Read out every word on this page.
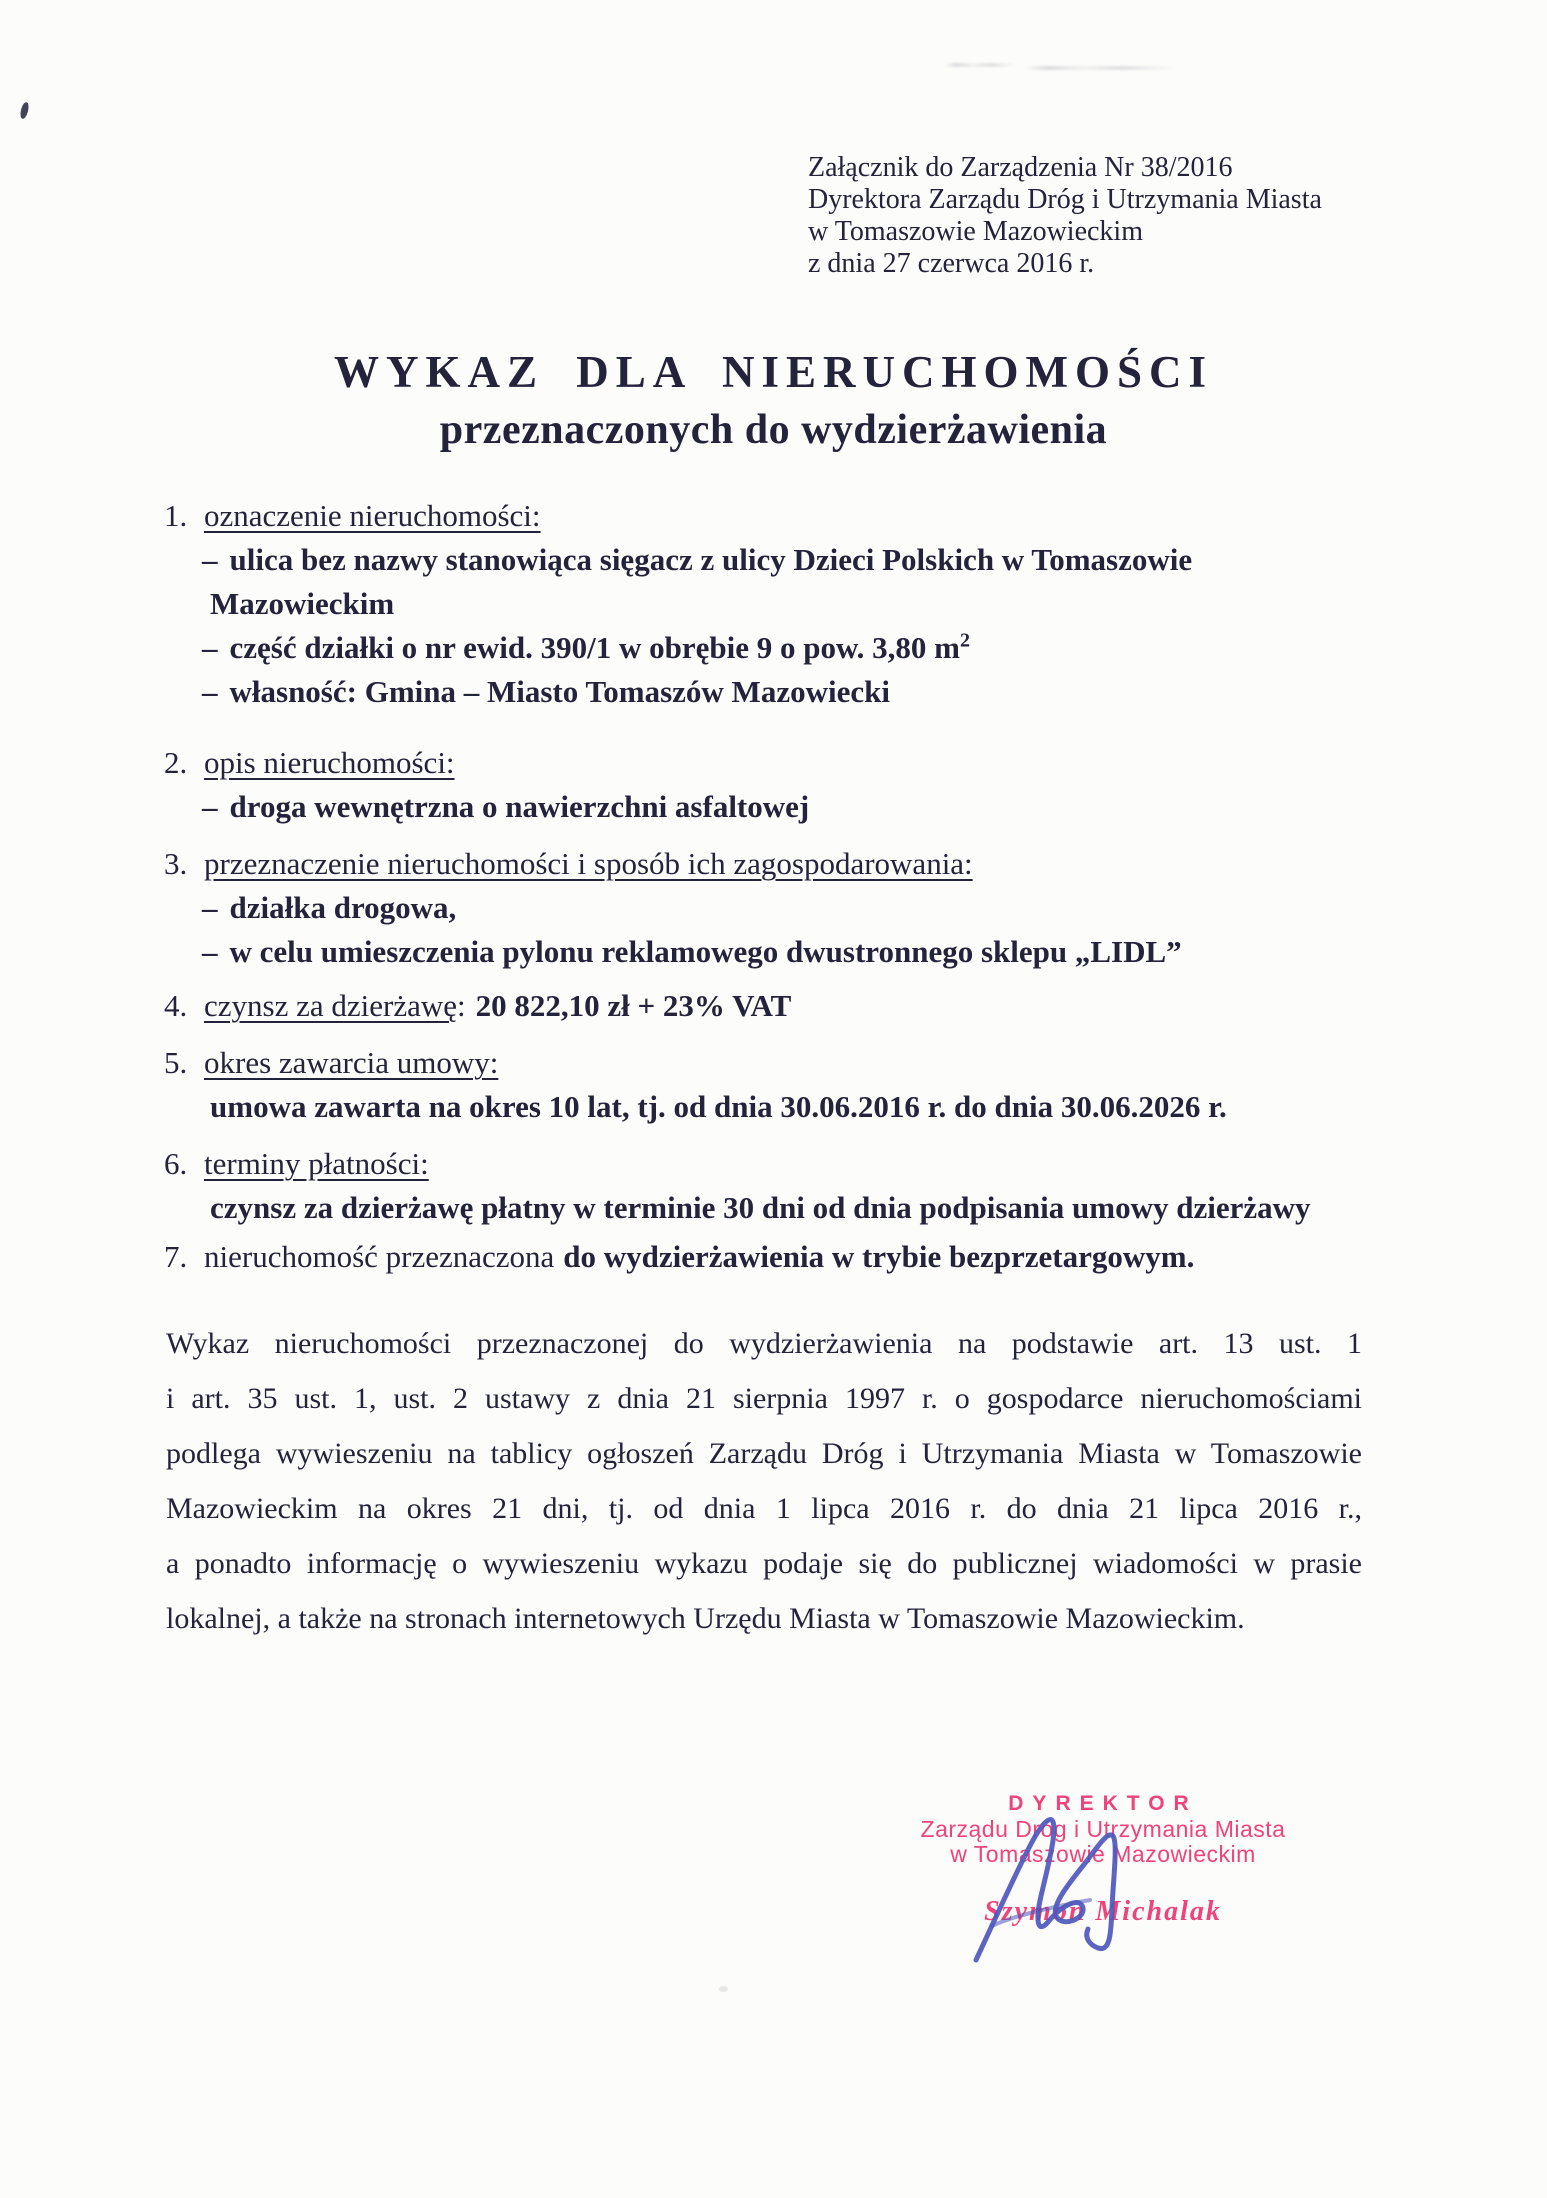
Załącznik do Zarządzenia Nr 38/2016
Dyrektora Zarządu Dróg i Utrzymania Miasta
w Tomaszowie Mazowieckim
z dnia 27 czerwca 2016 r.
WYKAZ DLA NIERUCHOMOŚCI
przeznaczonych do wydzierżawienia
1. oznaczenie nieruchomości:
– ulica bez nazwy stanowiąca sięgacz z ulicy Dzieci Polskich w Tomaszowie
Mazowieckim
– część działki o nr ewid. 390/1 w obrębie 9 o pow. 3,80 $m^2$
– własność: Gmina – Miasto Tomaszów Mazowiecki
2. opis nieruchomości:
– droga wewnętrzna o nawierzchni asfaltowej
3. przeznaczenie nieruchomości i sposób ich zagospodarowania:
– działka drogowa,
– w celu umieszczenia pylonu reklamowego dwustronnego sklepu „LIDL”
4. czynsz za dzierżawę: 20 822,10 zł + 23% VAT
5. okres zawarcia umowy:
umowa zawarta na okres 10 lat, tj. od dnia 30.06.2016 r. do dnia 30.06.2026 r.
6. terminy płatności:
czynsz za dzierżawę płatny w terminie 30 dni od dnia podpisania umowy dzierżawy
7. nieruchomość przeznaczona do wydzierżawienia w trybie bezprzetargowym.
Wykaz nieruchomości przeznaczonej do wydzierżawienia na podstawie art. 13 ust. 1
i art. 35 ust. 1, ust. 2 ustawy z dnia 21 sierpnia 1997 r. o gospodarce nieruchomościami
podlega wywieszeniu na tablicy ogłoszeń Zarządu Dróg i Utrzymania Miasta w Tomaszowie
Mazowieckim na okres 21 dni, tj. od dnia 1 lipca 2016 r. do dnia 21 lipca 2016 r.,
a ponadto informację o wywieszeniu wykazu podaje się do publicznej wiadomości w prasie
lokalnej, a także na stronach internetowych Urzędu Miasta w Tomaszowie Mazowieckim.
DYREKTOR
Zarządu Dróg i Utrzymania Miasta
w Tomaszowie Mazowieckim
Szymon Michalak
